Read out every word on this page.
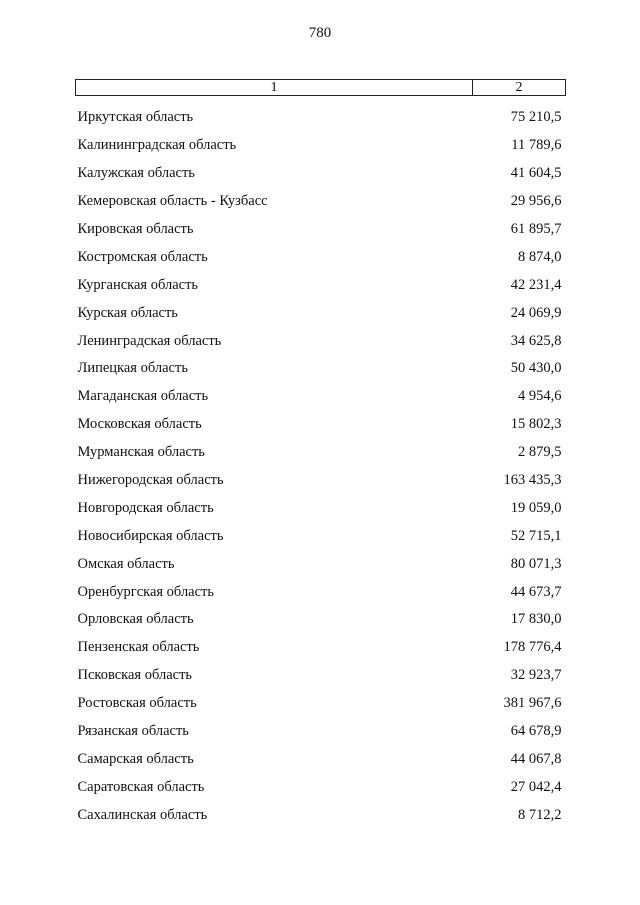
780
1	2
Иркутская область	75 210,5
Калининградская область	11 789,6
Калужская область	41 604,5
Кемеровская область - Кузбасс	29 956,6
Кировская область	61 895,7
Костромская область	8 874,0
Курганская область	42 231,4
Курская область	24 069,9
Ленинградская область	34 625,8
Липецкая область	50 430,0
Магаданская область	4 954,6
Московская область	15 802,3
Мурманская область	2 879,5
Нижегородская область	163 435,3
Новгородская область	19 059,0
Новосибирская область	52 715,1
Омская область	80 071,3
Оренбургская область	44 673,7
Орловская область	17 830,0
Пензенская область	178 776,4
Псковская область	32 923,7
Ростовская область	381 967,6
Рязанская область	64 678,9
Самарская область	44 067,8
Саратовская область	27 042,4
Сахалинская область	8 712,2
